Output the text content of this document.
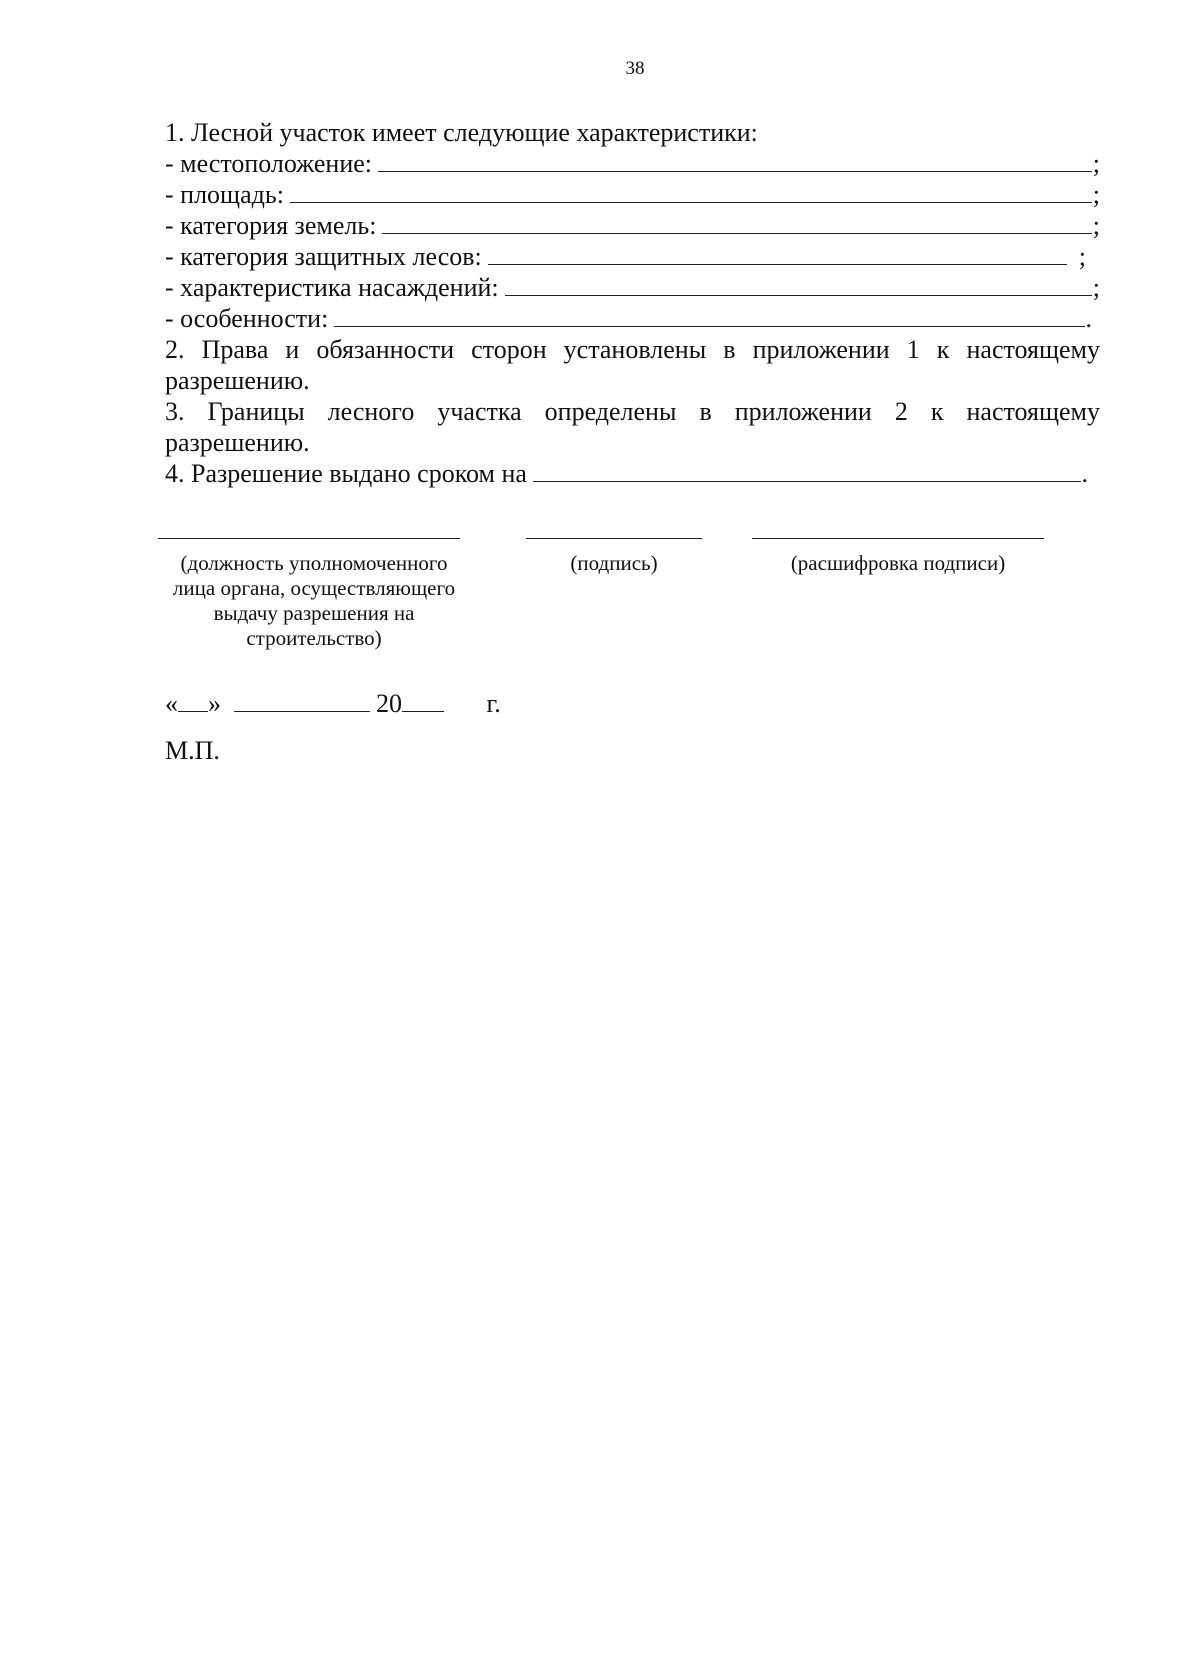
38
1. Лесной участок имеет следующие характеристики:
- местоположение:	;
- площадь:	;
- категория земель:	;
- категория защитных лесов:	;
- характеристика насаждений:	;
- особенности:	.
2. Права и обязанности сторон установлены в приложении 1 к настоящему разрешению.
3. Границы лесного участка определены в приложении 2 к настоящему разрешению.
4. Разрешение выдано сроком на	.
(должность уполномоченного лица органа, осуществляющего выдачу разрешения на строительство)
(подпись)	(расшифровка подписи)
« »	20	г.
М.П.
